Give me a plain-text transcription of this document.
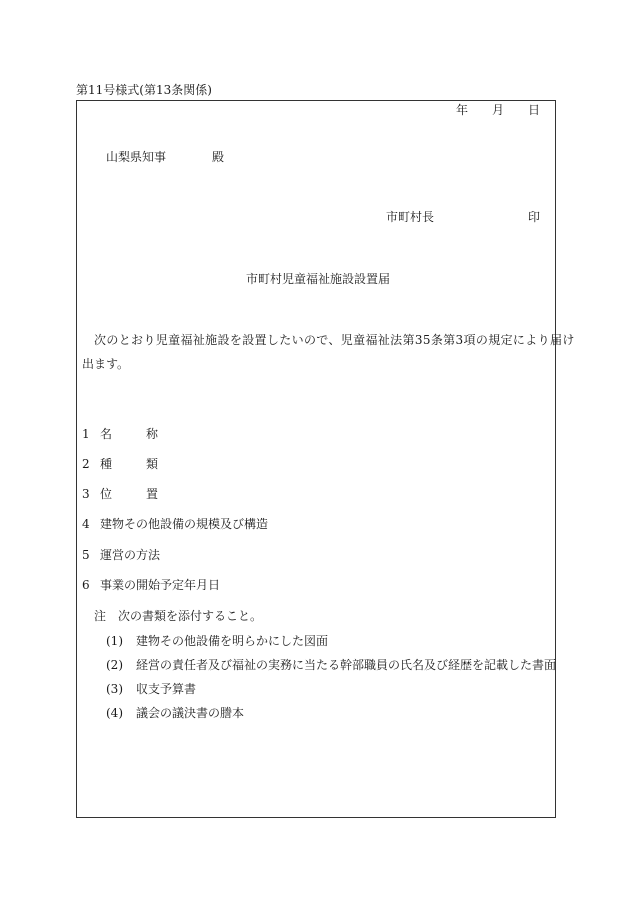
第11号様式(第13条関係)
年 月 日
山梨県知事	殿
市町村長	印
市町村児童福祉施設設置届
次のとおり児童福祉施設を設置したいので、児童福祉法第35条第3項の規定により届け
出ます。
1 名	称
2 種	類
3 位	置
4 建物その他設備の規模及び構造
5 運営の方法
6 事業の開始予定年月日
注 次の書類を添付すること。
(1) 建物その他設備を明らかにした図面
(2) 経営の責任者及び福祉の実務に当たる幹部職員の氏名及び経歴を記載した書面
(3) 収支予算書
(4) 議会の議決書の謄本
